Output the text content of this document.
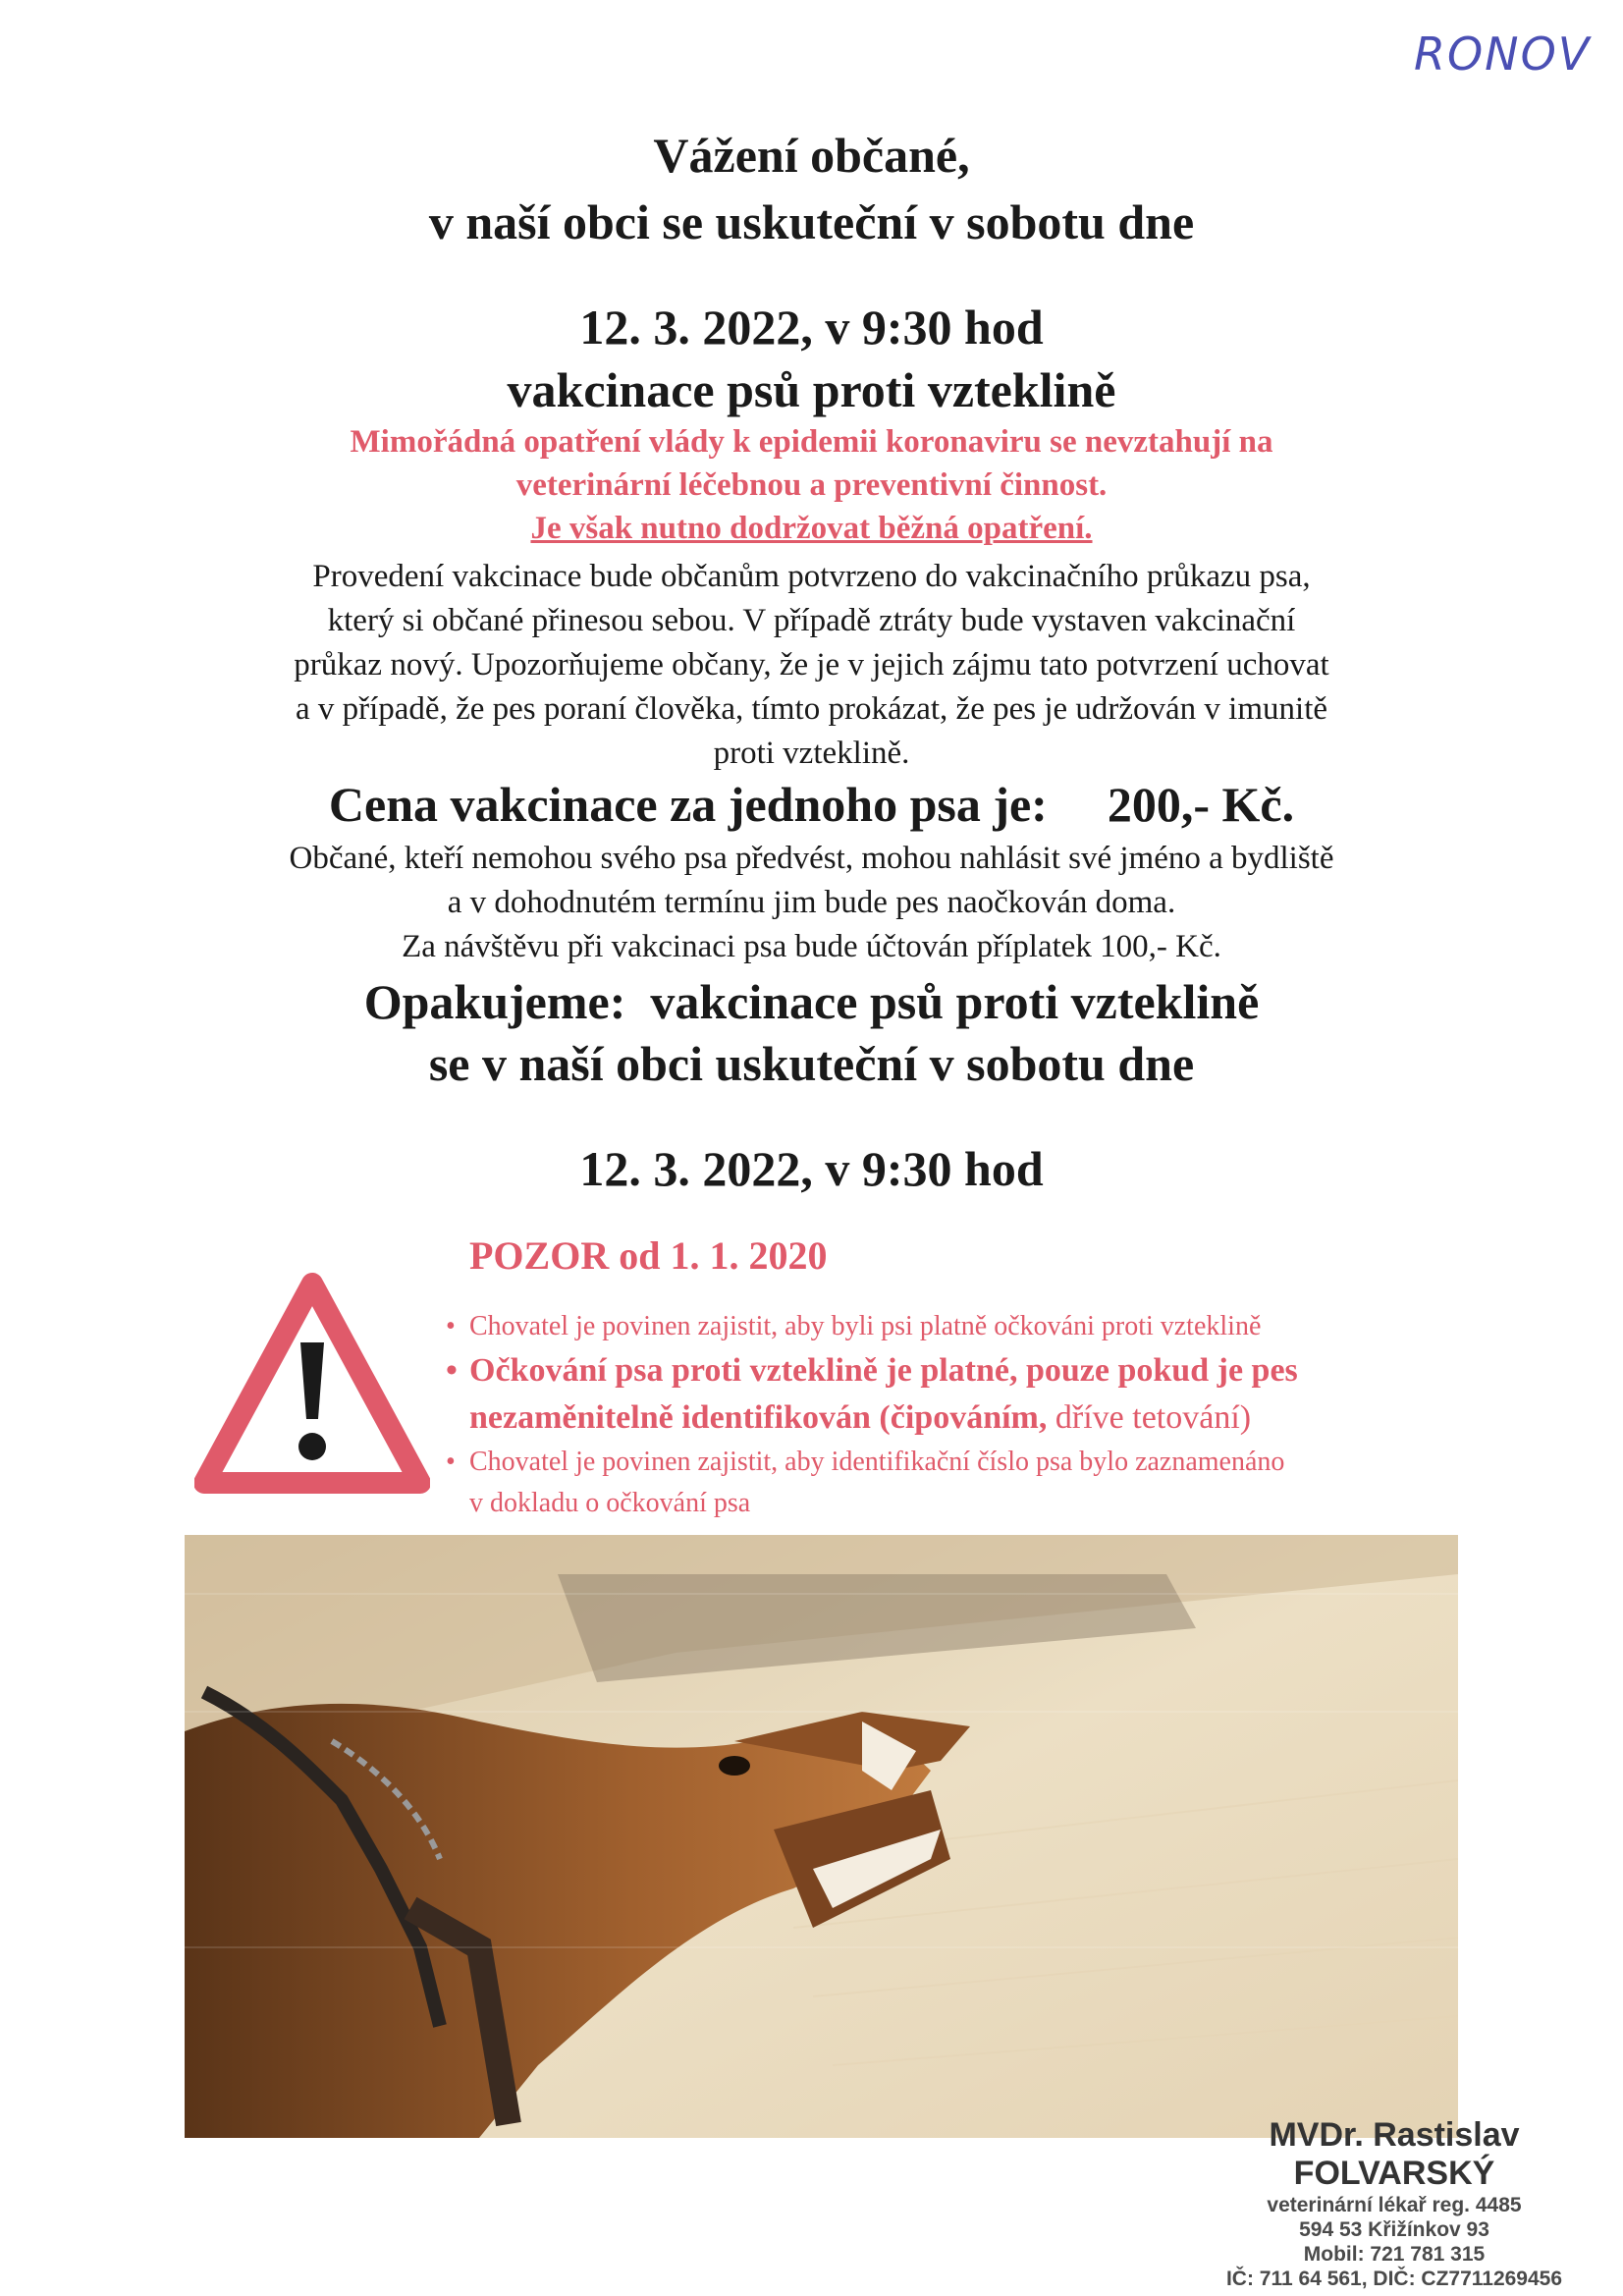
RONOV
Vážení občané,
v naší obci se uskuteční v sobotu dne
12. 3. 2022, v 9:30 hod
vakcinace psů proti vzteklině
Mimořádná opatření vlády k epidemii koronaviru se nevztahují na
veterinární léčebnou a preventivní činnost.
Je však nutno dodržovat běžná opatření.
Provedení vakcinace bude občanům potvrzeno do vakcinačního průkazu psa,
který si občané přinesou sebou. V případě ztráty bude vystaven vakcinační
průkaz nový. Upozorňujeme občany, že je v jejich zájmu tato potvrzení uchovat
a v případě, že pes poraní člověka, tímto prokázat, že pes je udržován v imunitě
proti vzteklině.
Cena vakcinace za jednoho psa je: 200,- Kč.
Občané, kteří nemohou svého psa předvést, mohou nahlásit své jméno a bydliště
a v dohodnutém termínu jim bude pes naočkován doma.
Za návštěvu při vakcinaci psa bude účtován příplatek 100,- Kč.
Opakujeme:  vakcinace psů proti vzteklině
se v naší obci uskuteční v sobotu dne
12. 3. 2022, v 9:30 hod
POZOR od 1. 1. 2020
• Chovatel je povinen zajistit, aby byli psi platně očkováni proti vzteklině
• Očkování psa proti vzteklině je platné, pouze pokud je pes
nezaměnitelně identifikován (čipováním, dříve tetování)
• Chovatel je povinen zajistit, aby identifikační číslo psa bylo zaznamenáno
v dokladu o očkování psa
MVDr. Rastislav FOLVARSKÝ
veterinární lékař reg. 4485
594 53 Křižínkov 93
Mobil: 721 781 315
IČ: 711 64 561, DIČ: CZ7711269456
